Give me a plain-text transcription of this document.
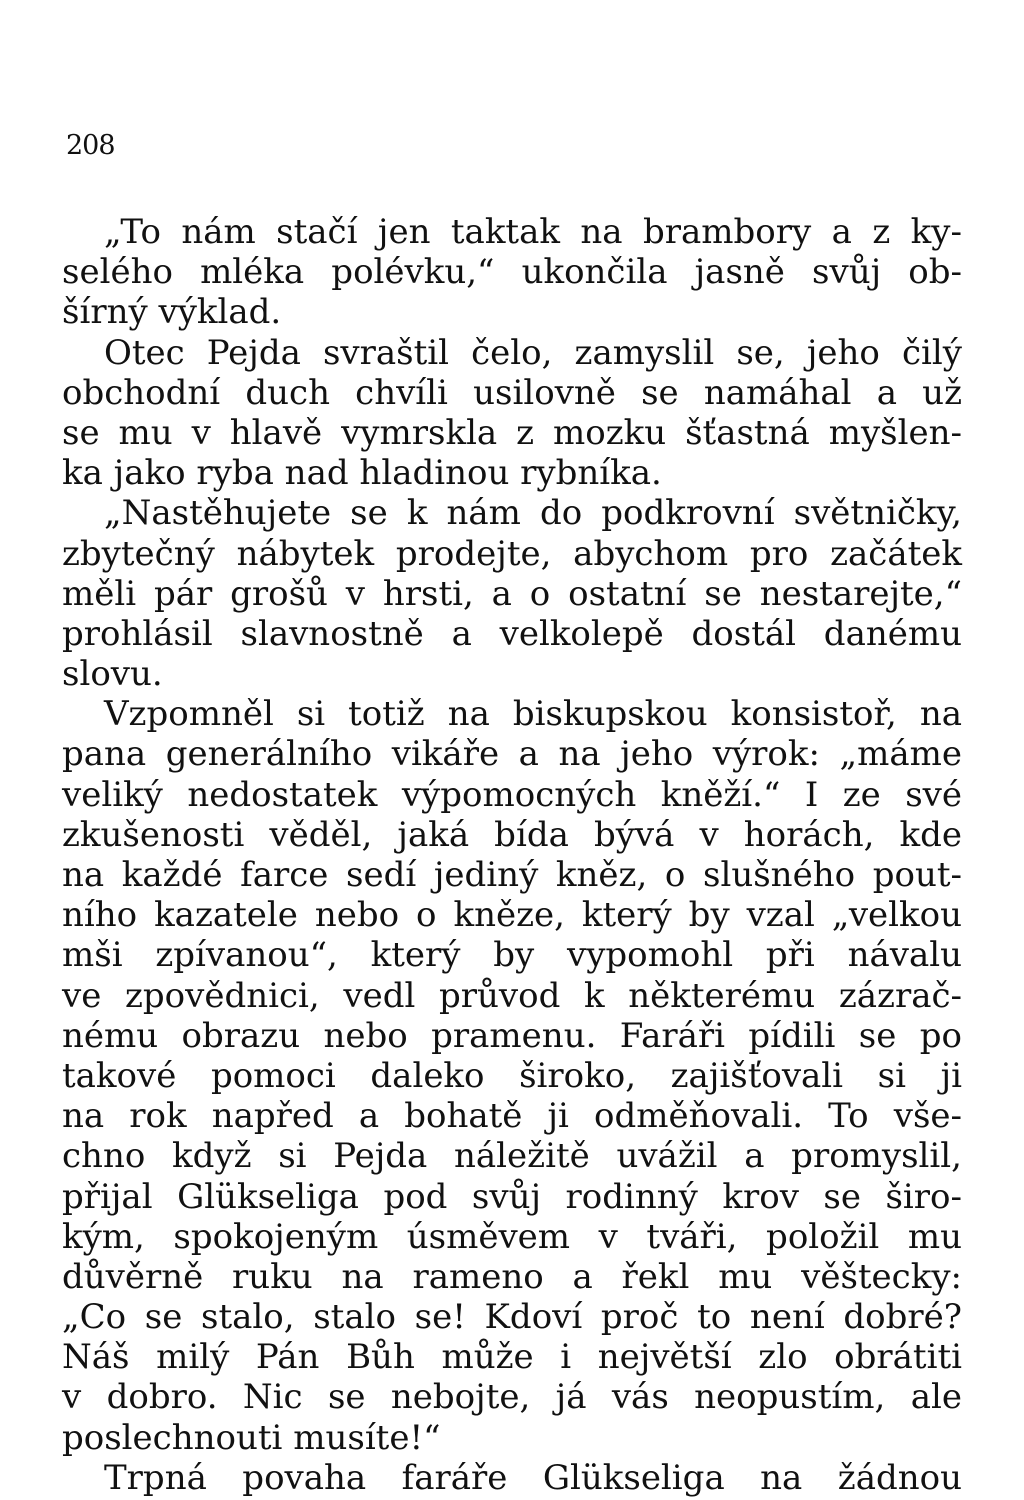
208
„To nám stačí jen taktak na brambory a z ky-
selého mléka polévku,“ ukončila jasně svůj ob-
šírný výklad.
Otec Pejda svraštil čelo, zamyslil se, jeho čilý
obchodní duch chvíli usilovně se namáhal a už
se mu v hlavě vymrskla z mozku šťastná myšlen-
ka jako ryba nad hladinou rybníka.
„Nastěhujete se k nám do podkrovní světničky,
zbytečný nábytek prodejte, abychom pro začátek
měli pár grošů v hrsti, a o ostatní se nestarejte,“
prohlásil slavnostně a velkolepě dostál danému
slovu.
Vzpomněl si totiž na biskupskou konsistoř, na
pana generálního vikáře a na jeho výrok: „máme
veliký nedostatek výpomocných kněží.“ I ze své
zkušenosti věděl, jaká bída bývá v horách, kde
na každé farce sedí jediný kněz, o slušného pout-
ního kazatele nebo o kněze, který by vzal „velkou
mši zpívanou“, který by vypomohl při návalu
ve zpovědnici, vedl průvod k některému zázrač-
nému obrazu nebo pramenu. Faráři pídili se po
takové pomoci daleko široko, zajišťovali si ji
na rok napřed a bohatě ji odměňovali. To vše-
chno když si Pejda náležitě uvážil a promyslil,
přijal Glükseliga pod svůj rodinný krov se širo-
kým, spokojeným úsměvem v tváři, položil mu
důvěrně ruku na rameno a řekl mu věštecky:
„Co se stalo, stalo se! Kdoví proč to není dobré?
Náš milý Pán Bůh může i největší zlo obrátiti
v dobro. Nic se nebojte, já vás neopustím, ale
poslechnouti musíte!“
Trpná povaha faráře Glükseliga na žádnou
